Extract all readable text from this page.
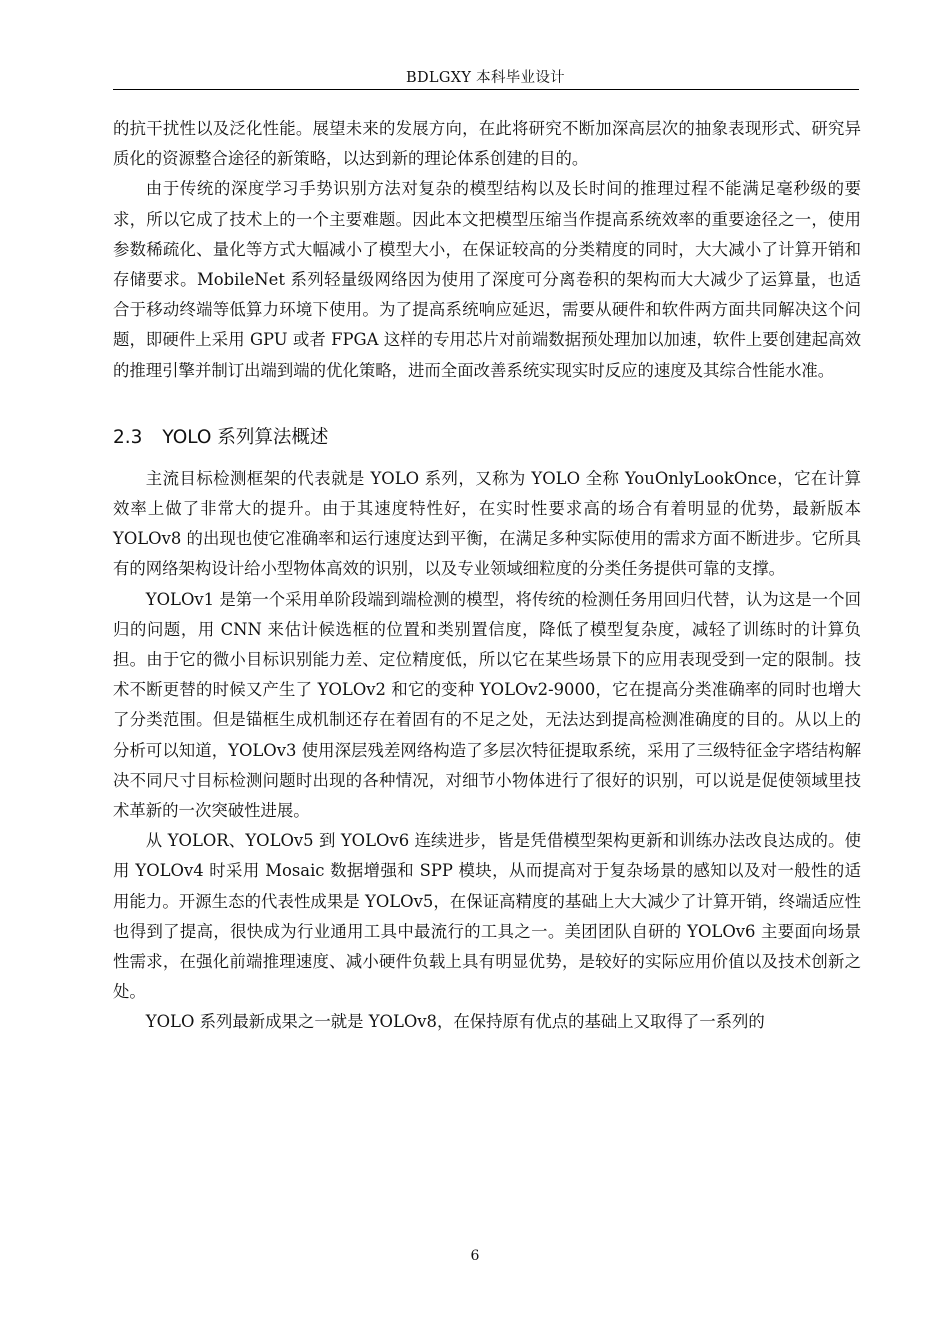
BDLGXY 本科毕业设计

的抗干扰性以及泛化性能。展望未来的发展方向，在此将研究不断加深高层次的抽象表现形式、研究异质化的资源整合途径的新策略，以达到新的理论体系创建的目的。

由于传统的深度学习手势识别方法对复杂的模型结构以及长时间的推理过程不能满足毫秒级的要求，所以它成了技术上的一个主要难题。因此本文把模型压缩当作提高系统效率的重要途径之一，使用参数稀疏化、量化等方式大幅减小了模型大小，在保证较高的分类精度的同时，大大减小了计算开销和存储要求。MobileNet 系列轻量级网络因为使用了深度可分离卷积的架构而大大减少了运算量，也适合于移动终端等低算力环境下使用。为了提高系统响应延迟，需要从硬件和软件两方面共同解决这个问题，即硬件上采用 GPU 或者 FPGA 这样的专用芯片对前端数据预处理加以加速，软件上要创建起高效的推理引擎并制订出端到端的优化策略，进而全面改善系统实现实时反应的速度及其综合性能水准。

2.3 YOLO 系列算法概述

主流目标检测框架的代表就是 YOLO 系列，又称为 YOLO 全称 YouOnlyLookOnce，它在计算效率上做了非常大的提升。由于其速度特性好，在实时性要求高的场合有着明显的优势，最新版本 YOLOv8 的出现也使它准确率和运行速度达到平衡，在满足多种实际使用的需求方面不断进步。它所具有的网络架构设计给小型物体高效的识别，以及专业领域细粒度的分类任务提供可靠的支撑。

YOLOv1 是第一个采用单阶段端到端检测的模型，将传统的检测任务用回归代替，认为这是一个回归的问题，用 CNN 来估计候选框的位置和类别置信度，降低了模型复杂度，减轻了训练时的计算负担。由于它的微小目标识别能力差、定位精度低，所以它在某些场景下的应用表现受到一定的限制。技术不断更替的时候又产生了 YOLOv2 和它的变种 YOLOv2-9000，它在提高分类准确率的同时也增大了分类范围。但是锚框生成机制还存在着固有的不足之处，无法达到提高检测准确度的目的。从以上的分析可以知道，YOLOv3 使用深层残差网络构造了多层次特征提取系统，采用了三级特征金字塔结构解决不同尺寸目标检测问题时出现的各种情况，对细节小物体进行了很好的识别，可以说是促使领域里技术革新的一次突破性进展。

从 YOLOR、YOLOv5 到 YOLOv6 连续进步，皆是凭借模型架构更新和训练办法改良达成的。使用 YOLOv4 时采用 Mosaic 数据增强和 SPP 模块，从而提高对于复杂场景的感知以及对一般性的适用能力。开源生态的代表性成果是 YOLOv5，在保证高精度的基础上大大减少了计算开销，终端适应性也得到了提高，很快成为行业通用工具中最流行的工具之一。美团团队自研的 YOLOv6 主要面向场景性需求，在强化前端推理速度、减小硬件负载上具有明显优势，是较好的实际应用价值以及技术创新之处。

YOLO 系列最新成果之一就是 YOLOv8，在保持原有优点的基础上又取得了一系列的

6
